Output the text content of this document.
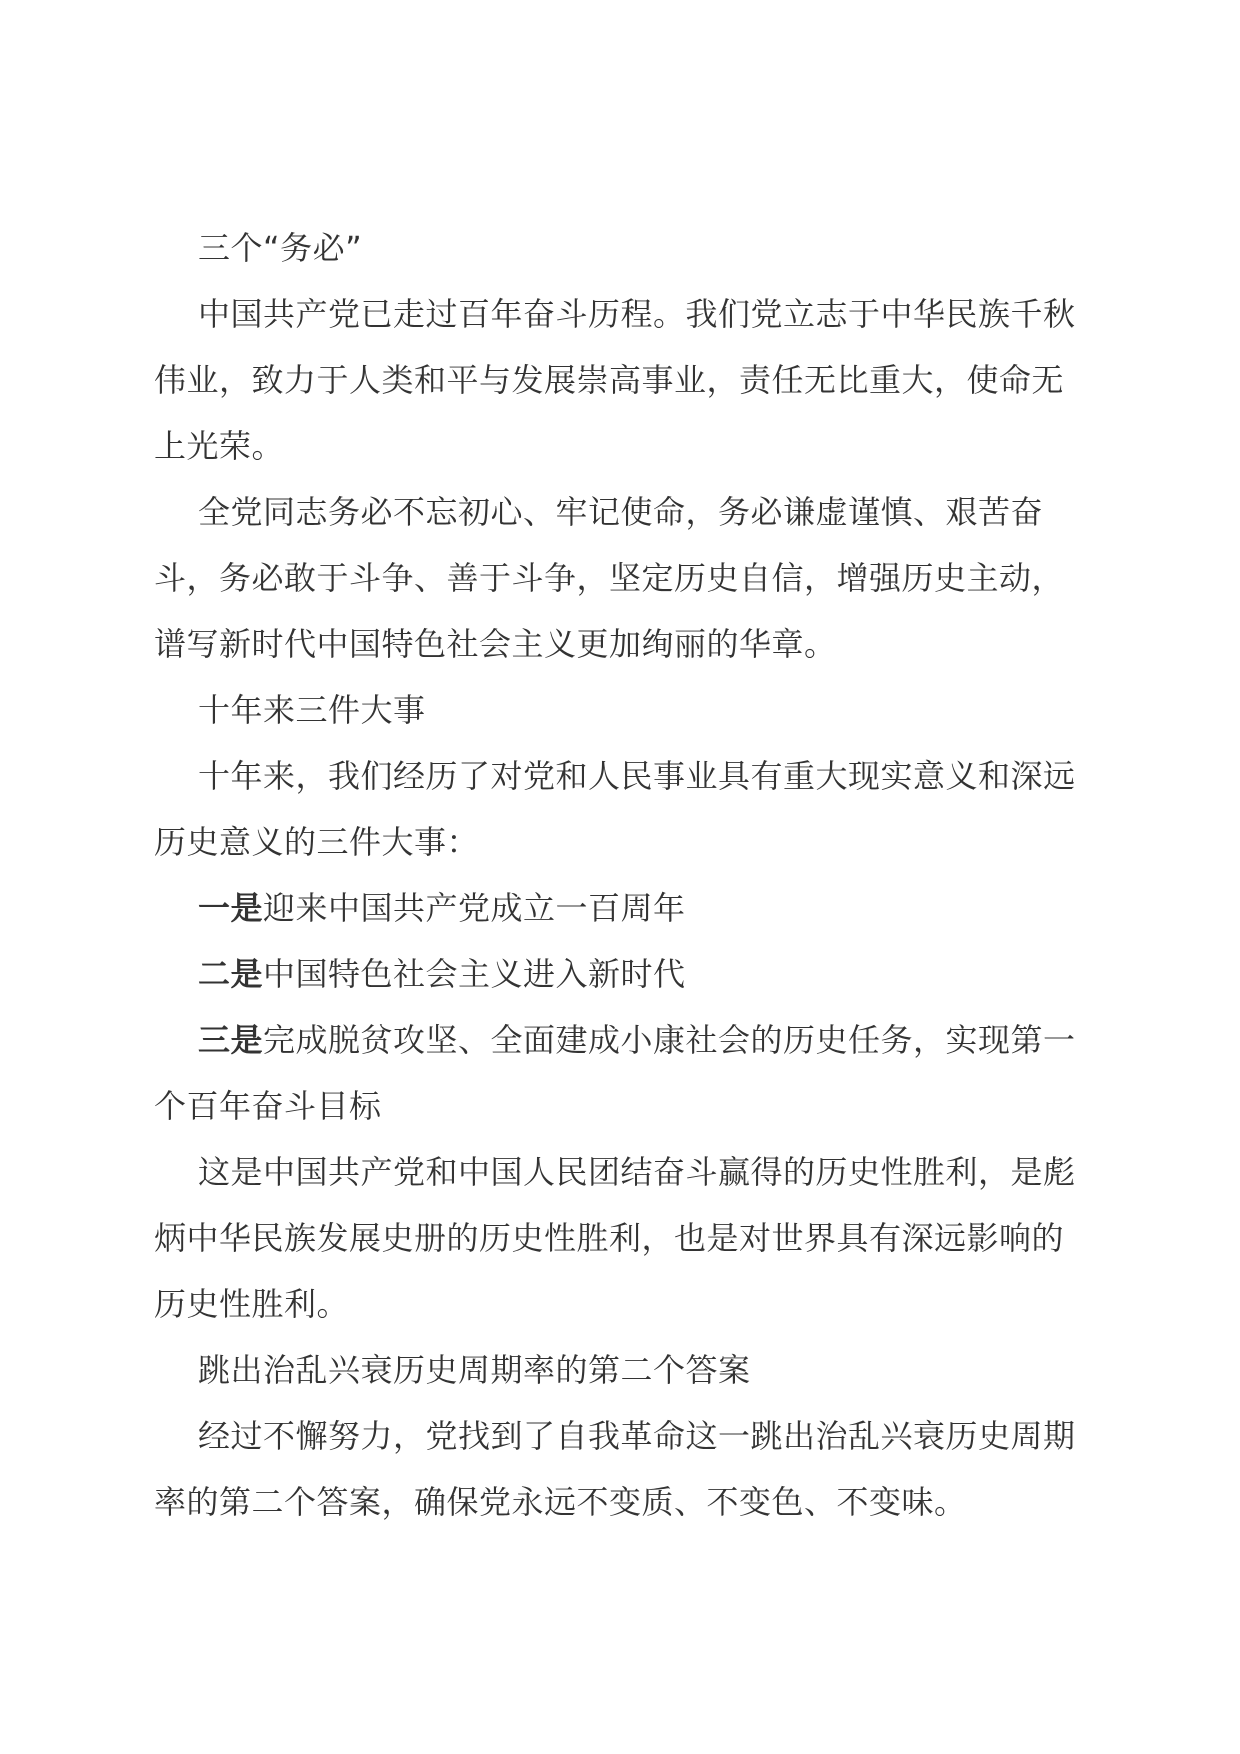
三个“务必”

中国共产党已走过百年奋斗历程。我们党立志于中华民族千秋伟业，致力于人类和平与发展崇高事业，责任无比重大，使命无上光荣。

全党同志务必不忘初心、牢记使命，务必谦虚谨慎、艰苦奋斗，务必敢于斗争、善于斗争，坚定历史自信，增强历史主动，谱写新时代中国特色社会主义更加绚丽的华章。

十年来三件大事

十年来，我们经历了对党和人民事业具有重大现实意义和深远历史意义的三件大事：

一是迎来中国共产党成立一百周年

二是中国特色社会主义进入新时代

三是完成脱贫攻坚、全面建成小康社会的历史任务，实现第一个百年奋斗目标

这是中国共产党和中国人民团结奋斗赢得的历史性胜利，是彪炳中华民族发展史册的历史性胜利，也是对世界具有深远影响的历史性胜利。

跳出治乱兴衰历史周期率的第二个答案

经过不懈努力，党找到了自我革命这一跳出治乱兴衰历史周期率的第二个答案，确保党永远不变质、不变色、不变味。
